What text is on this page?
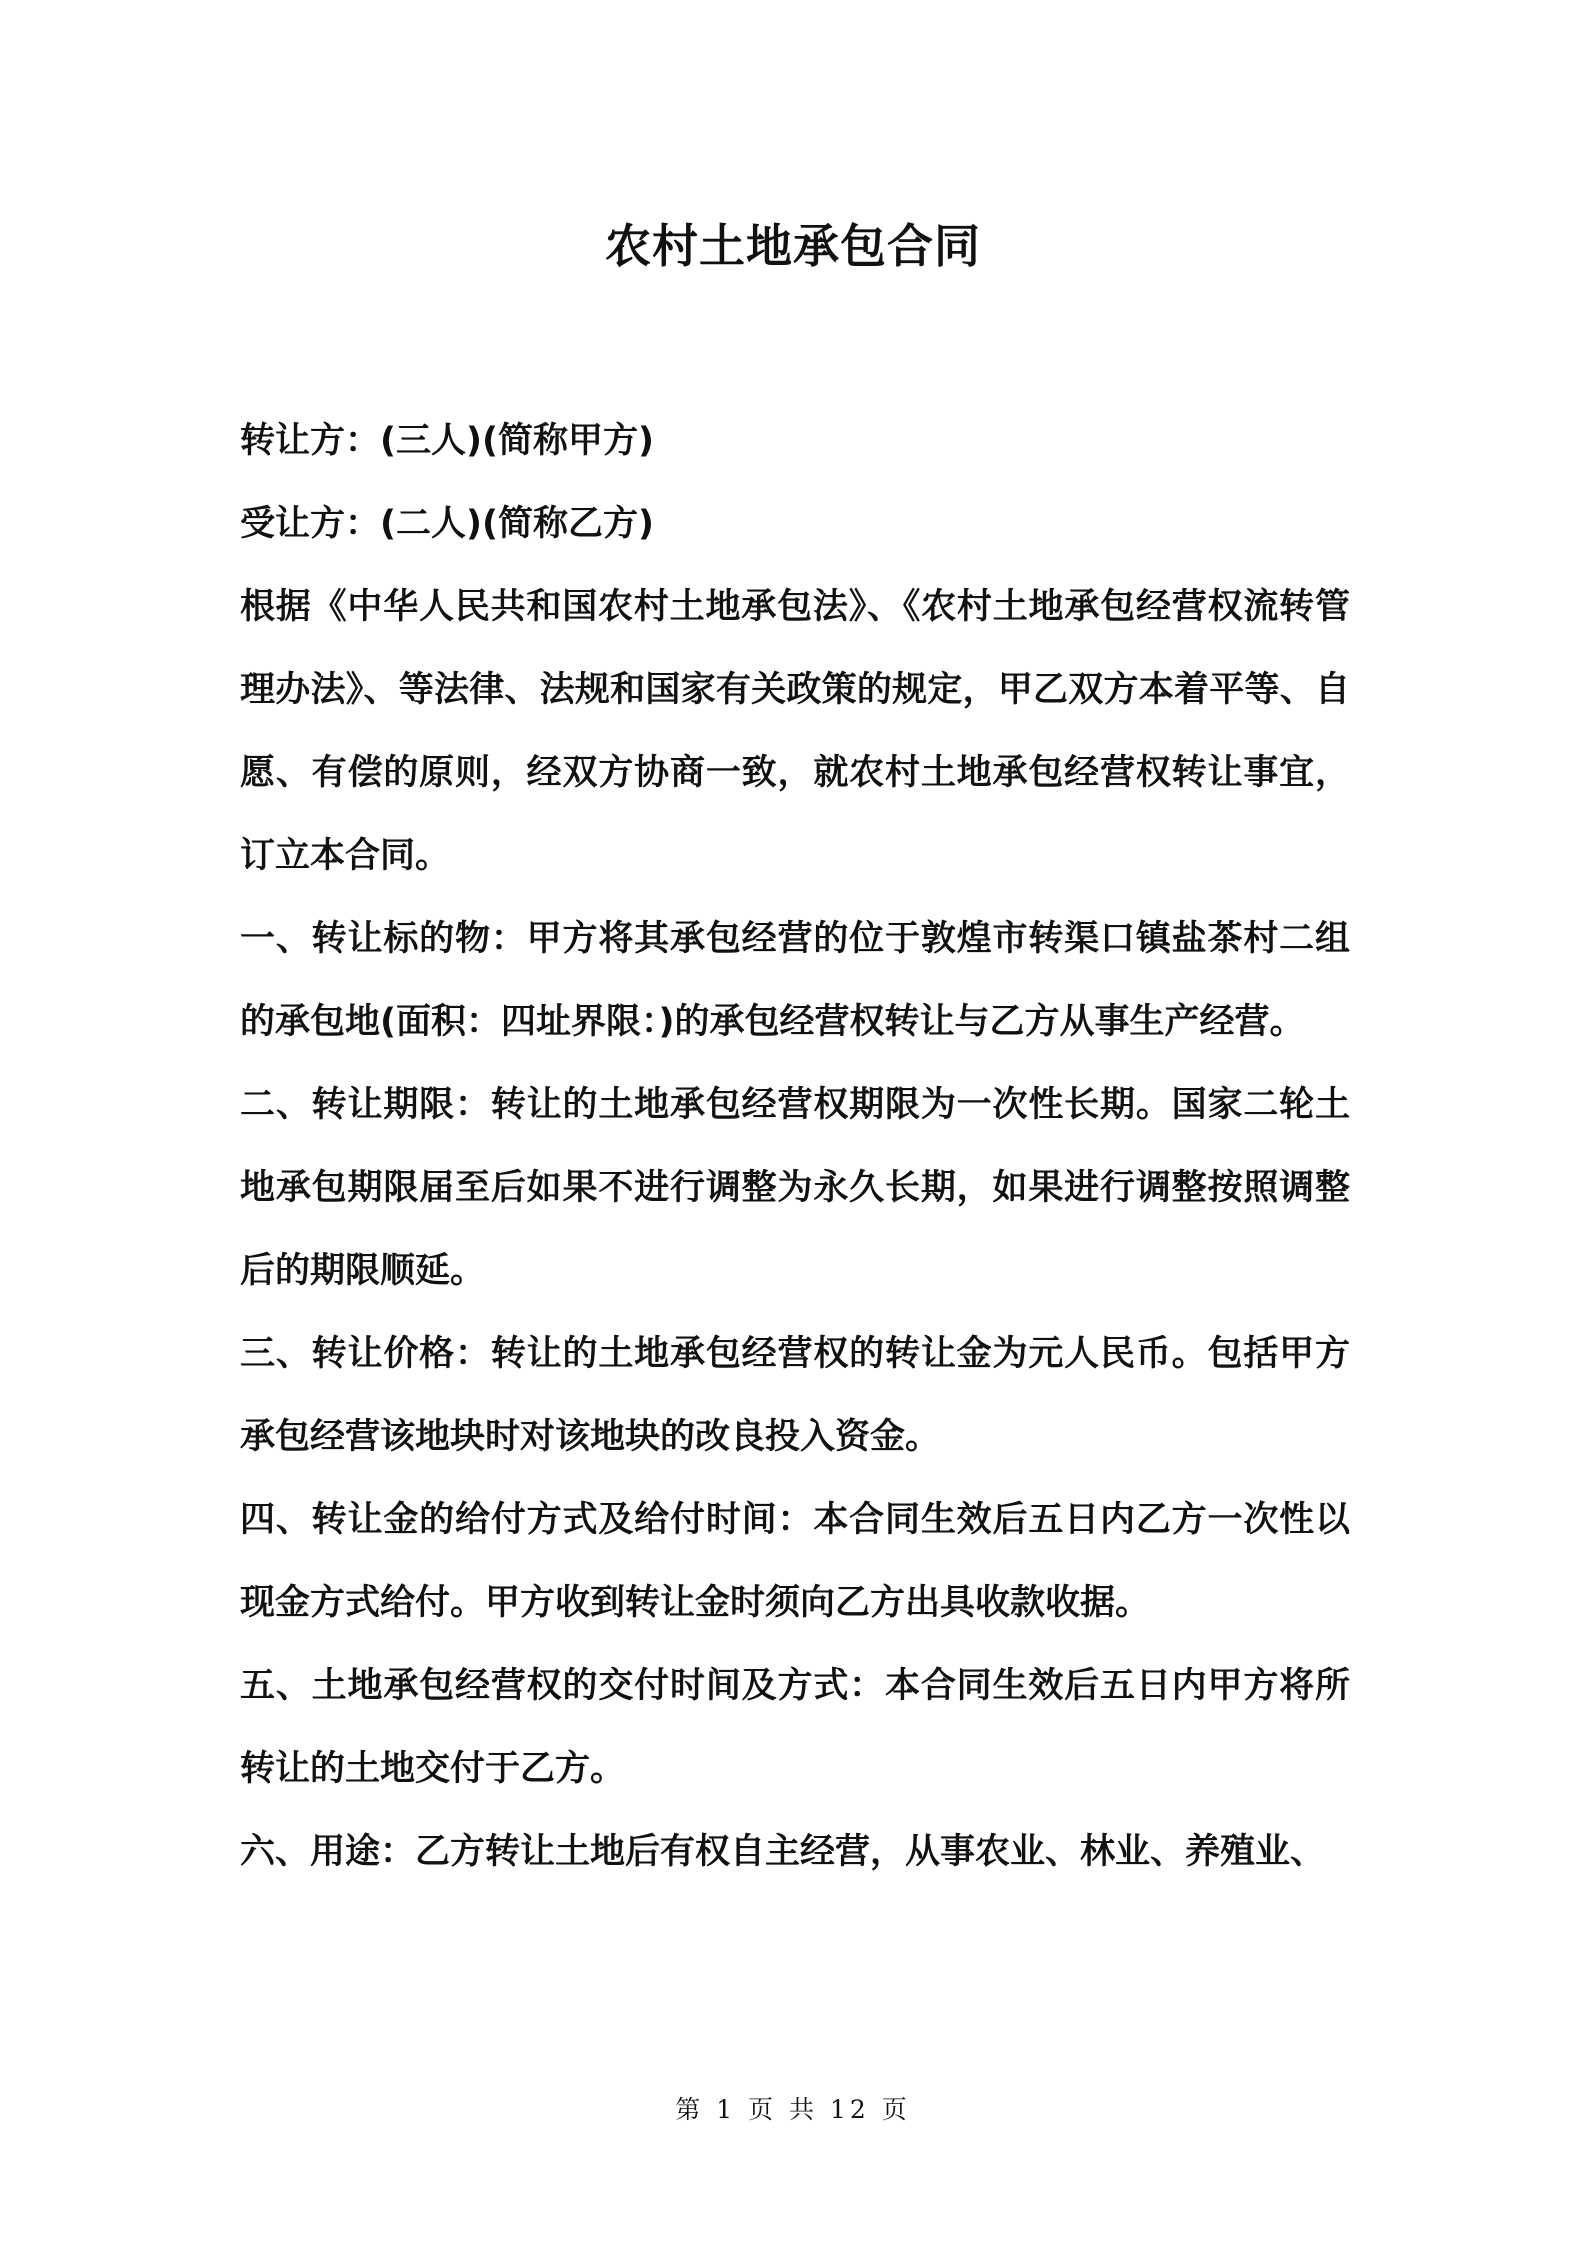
农村土地承包合同

转让方：(三人)(简称甲方)

受让方：(二人)(简称乙方)

根据《中华人民共和国农村土地承包法》、《农村土地承包经营权流转管理办法》、等法律、法规和国家有关政策的规定，甲乙双方本着平等、自愿、有偿的原则，经双方协商一致，就农村土地承包经营权转让事宜，订立本合同。

一、转让标的物：甲方将其承包经营的位于敦煌市转渠口镇盐茶村二组的承包地(面积：四址界限：)的承包经营权转让与乙方从事生产经营。

二、转让期限：转让的土地承包经营权期限为一次性长期。国家二轮土地承包期限届至后如果不进行调整为永久长期，如果进行调整按照调整后的期限顺延。

三、转让价格：转让的土地承包经营权的转让金为元人民币。包括甲方承包经营该地块时对该地块的改良投入资金。

四、转让金的给付方式及给付时间：本合同生效后五日内乙方一次性以现金方式给付。甲方收到转让金时须向乙方出具收款收据。

五、土地承包经营权的交付时间及方式：本合同生效后五日内甲方将所转让的土地交付于乙方。

六、用途：乙方转让土地后有权自主经营，从事农业、林业、养殖业、

第 1 页 共 12 页
